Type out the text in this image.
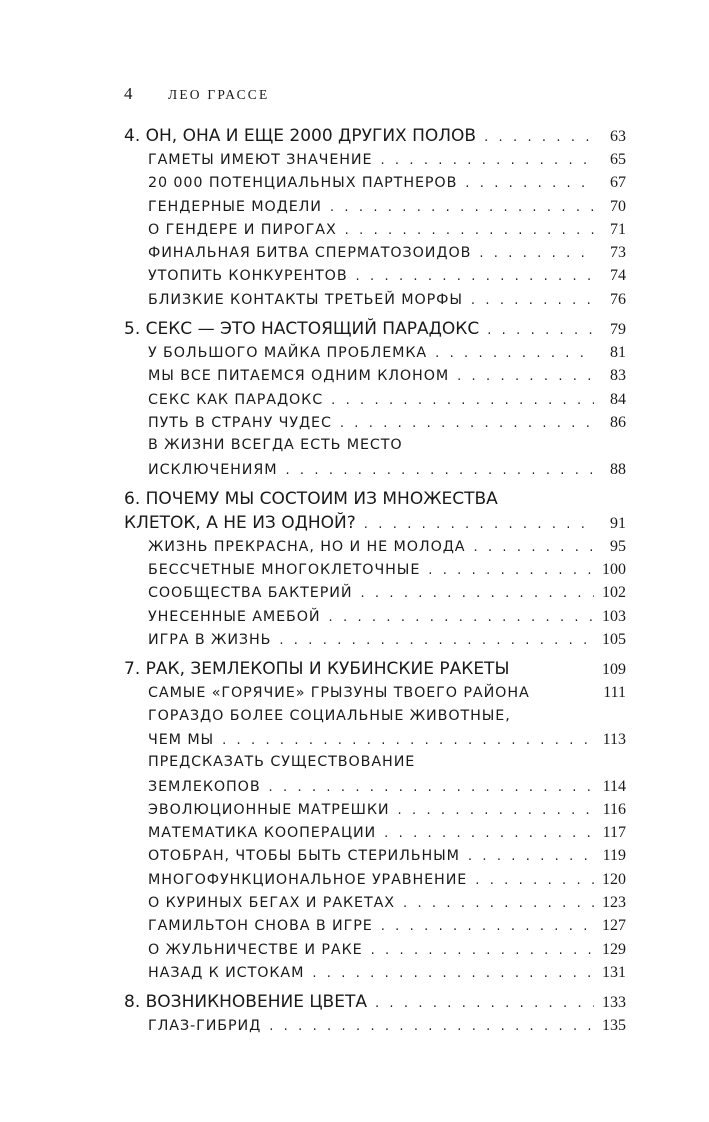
4	ЛЕО ГРАССЕ
4. ОН, ОНА И ЕЩЕ 2000 ДРУГИХ ПОЛОВ . . .	63
ГАМЕТЫ ИМЕЮТ ЗНАЧЕНИЕ . . .	65
20 000 ПОТЕНЦИАЛЬНЫХ ПАРТНЕРОВ . . .	67
ГЕНДЕРНЫЕ МОДЕЛИ . . .	70
О ГЕНДЕРЕ И ПИРОГАХ . . .	71
ФИНАЛЬНАЯ БИТВА СПЕРМАТОЗОИДОВ . . .	73
УТОПИТЬ КОНКУРЕНТОВ . . .	74
БЛИЗКИЕ КОНТАКТЫ ТРЕТЬЕЙ МОРФЫ . . .	76
5. СЕКС — ЭТО НАСТОЯЩИЙ ПАРАДОКС . . .	79
У БОЛЬШОГО МАЙКА ПРОБЛЕМКА . . .	81
МЫ ВСЕ ПИТАЕМСЯ ОДНИМ КЛОНОМ . . .	83
СЕКС КАК ПАРАДОКС . . .	84
ПУТЬ В СТРАНУ ЧУДЕС . . .	86
В ЖИЗНИ ВСЕГДА ЕСТЬ МЕСТО
ИСКЛЮЧЕНИЯМ . . .	88
6. ПОЧЕМУ МЫ СОСТОИМ ИЗ МНОЖЕСТВА
КЛЕТОК, А НЕ ИЗ ОДНОЙ? . . .	91
ЖИЗНЬ ПРЕКРАСНА, НО И НЕ МОЛОДА . . .	95
БЕССЧЕТНЫЕ МНОГОКЛЕТОЧНЫЕ . . .	100
СООБЩЕСТВА БАКТЕРИЙ . . .	102
УНЕСЕННЫЕ АМЕБОЙ . . .	103
ИГРА В ЖИЗНЬ . . .	105
7. РАК, ЗЕМЛЕКОПЫ И КУБИНСКИЕ РАКЕТЫ	109
САМЫЕ «ГОРЯЧИЕ» ГРЫЗУНЫ ТВОЕГО РАЙОНА	111
ГОРАЗДО БОЛЕЕ СОЦИАЛЬНЫЕ ЖИВОТНЫЕ,
ЧЕМ МЫ . . .	113
ПРЕДСКАЗАТЬ СУЩЕСТВОВАНИЕ
ЗЕМЛЕКОПОВ . . .	114
ЭВОЛЮЦИОННЫЕ МАТРЕШКИ . . .	116
МАТЕМАТИКА КООПЕРАЦИИ . . .	117
ОТОБРАН, ЧТОБЫ БЫТЬ СТЕРИЛЬНЫМ . . .	119
МНОГОФУНКЦИОНАЛЬНОЕ УРАВНЕНИЕ . . .	120
О КУРИНЫХ БЕГАХ И РАКЕТАХ . . .	123
ГАМИЛЬТОН СНОВА В ИГРЕ . . .	127
О ЖУЛЬНИЧЕСТВЕ И РАКЕ . . .	129
НАЗАД К ИСТОКАМ . . .	131
8. ВОЗНИКНОВЕНИЕ ЦВЕТА . . .	133
ГЛАЗ-ГИБРИД . . .	135
